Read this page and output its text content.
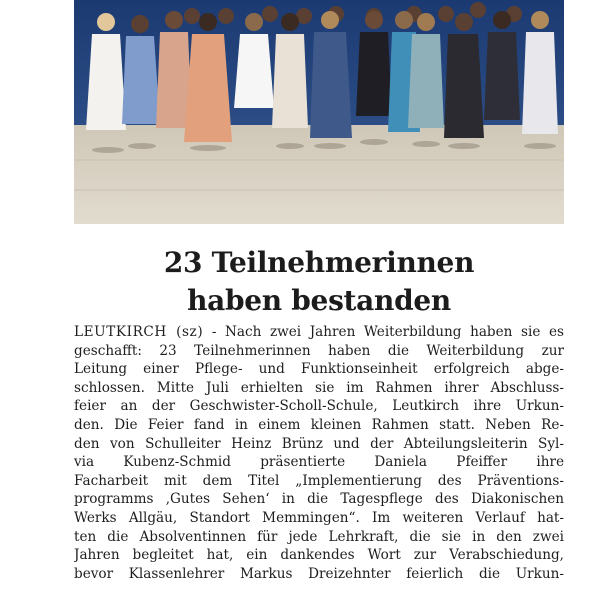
23 Teilnehmerinnen
haben bestanden
LEUTKIRCH (sz) - Nach zwei Jahren Weiterbildung haben sie es
geschafft: 23 Teilnehmerinnen haben die Weiterbildung zur
Leitung einer Pflege- und Funktionseinheit erfolgreich abge-
schlossen. Mitte Juli erhielten sie im Rahmen ihrer Abschluss-
feier an der Geschwister-Scholl-Schule, Leutkirch ihre Urkun-
den. Die Feier fand in einem kleinen Rahmen statt. Neben Re-
den von Schulleiter Heinz Brünz und der Abteilungsleiterin Syl-
via Kubenz-Schmid präsentierte Daniela Pfeiffer ihre
Facharbeit mit dem Titel „Implementierung des Präventions-
programms ‚Gutes Sehen‘ in die Tagespflege des Diakonischen
Werks Allgäu, Standort Memmingen“. Im weiteren Verlauf hat-
ten die Absolventinnen für jede Lehrkraft, die sie in den zwei
Jahren begleitet hat, ein dankendes Wort zur Verabschiedung,
bevor Klassenlehrer Markus Dreizehnter feierlich die Urkun-
